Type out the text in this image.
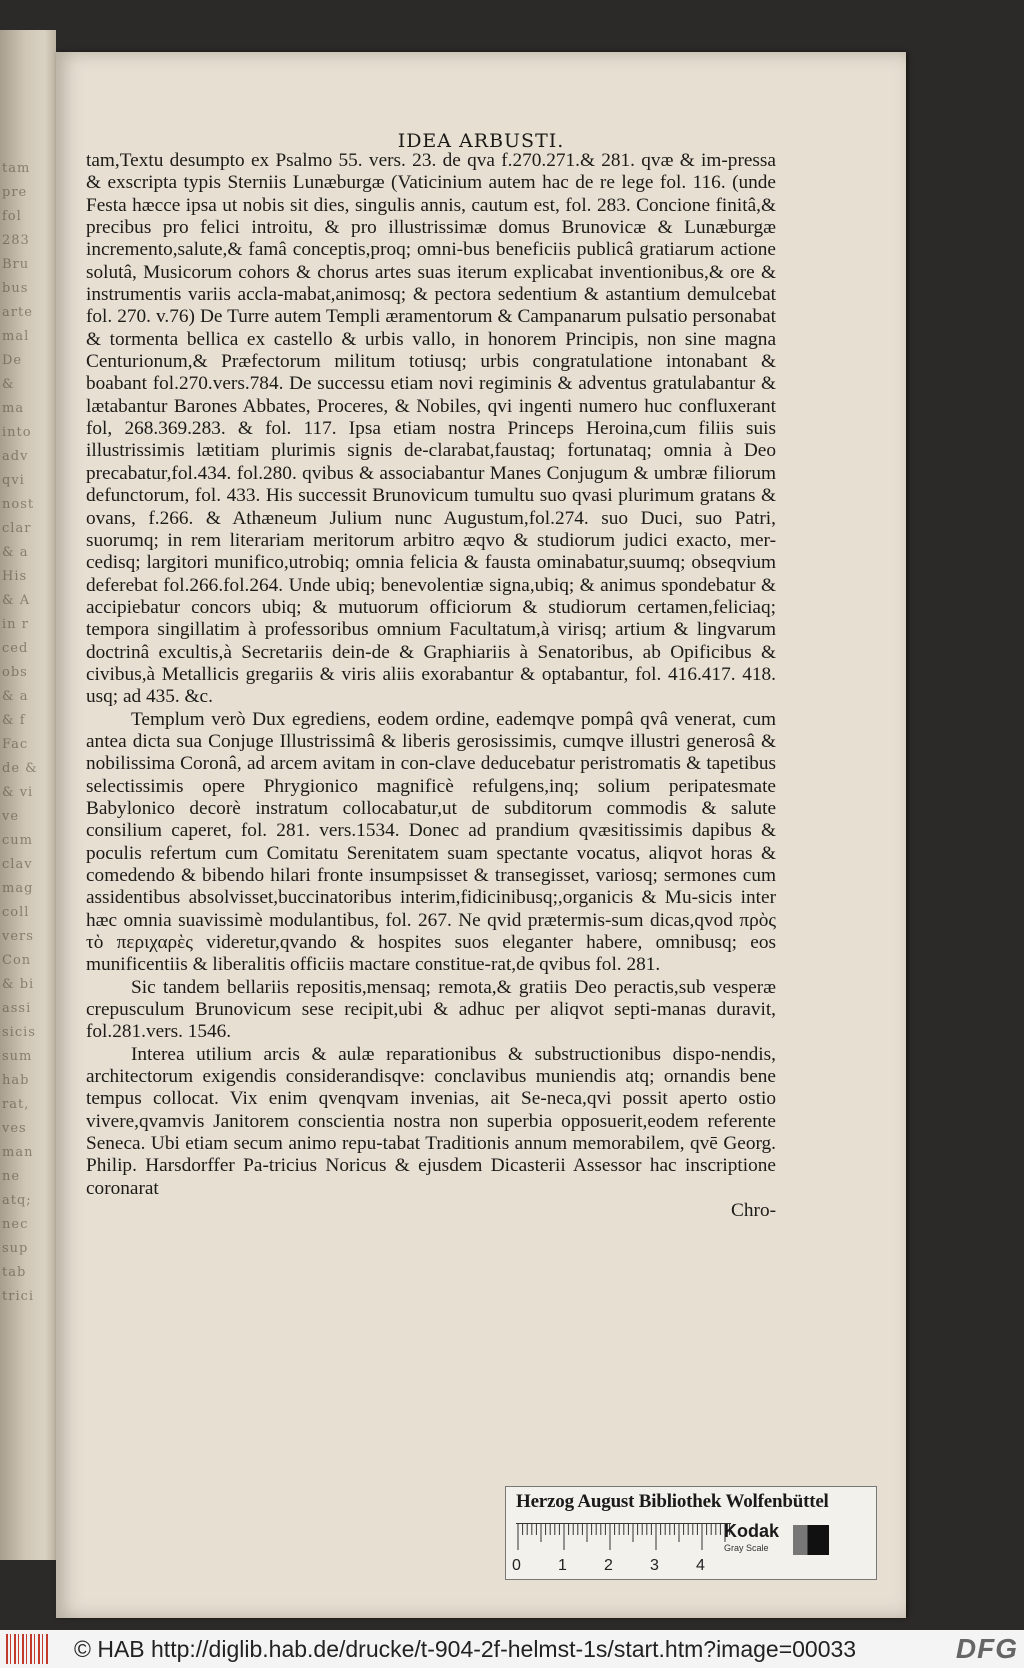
tam
pre
fol
283
Bru
bus
arte
mal
De
&
ma
into
adv
qvi
nost
clar
& a
His
& A
in r
ced
obs
& a
& f
Fac
de &
& vi
ve
cum
clav
mag
coll
vers
Con
& bi
assi
sicis
sum
hab
rat,
ves
man
ne
atq;
nec
sup
tab
trici
IDEA ARBUSTI.

tam,Textu desumpto ex Psalmo 55. vers. 23. de qva f.270.271.& 281. qvæ & im-pressa & exscripta typis Sterniis Lunæburgæ (Vaticinium autem hac de re lege fol. 116. (unde Festa hæcce ipsa ut nobis sit dies, singulis annis, cautum est, fol. 283. Concione finitâ,& precibus pro felici introitu, & pro illustrissimæ domus Brunovicæ & Lunæburgæ incremento,salute,& famâ conceptis,proq; omni-bus beneficiis publicâ gratiarum actione solutâ, Musicorum cohors & chorus artes suas iterum explicabat inventionibus,& ore & instrumentis variis accla-mabat,animosq; & pectora sedentium & astantium demulcebat fol. 270. v.76) De Turre autem Templi æramentorum & Campanarum pulsatio personabat & tormenta bellica ex castello & urbis vallo, in honorem Principis, non sine magna Centurionum,& Præfectorum militum totiusq; urbis congratulatione intonabant & boabant fol.270.vers.784. De successu etiam novi regiminis & adventus gratulabantur & lætabantur Barones Abbates, Proceres, & Nobiles, qvi ingenti numero huc confluxerant fol, 268.369.283. & fol. 117. Ipsa etiam nostra Princeps Heroina,cum filiis suis illustrissimis lætitiam plurimis signis de-clarabat,faustaq; fortunataq; omnia à Deo precabatur,fol.434. fol.280. qvibus & associabantur Manes Conjugum & umbræ filiorum defunctorum, fol. 433. His successit Brunovicum tumultu suo qvasi plurimum gratans & ovans, f.266. & Athæneum Julium nunc Augustum,fol.274. suo Duci, suo Patri, suorumq; in rem literariam meritorum arbitro æqvo & studiorum judici exacto, mer-cedisq; largitori munifico,utrobiq; omnia felicia & fausta ominabatur,suumq; obseqvium deferebat fol.266.fol.264. Unde ubiq; benevolentiæ signa,ubiq; & animus spondebatur & accipiebatur concors ubiq; & mutuorum officiorum & studiorum certamen,feliciaq; tempora singillatim à professoribus omnium Facultatum,à virisq; artium & lingvarum doctrinâ excultis,à Secretariis dein-de & Graphiariis à Senatoribus, ab Opificibus & civibus,à Metallicis gregariis & viris aliis exorabantur & optabantur, fol. 416.417. 418. usq; ad 435. &c.

Templum verò Dux egrediens, eodem ordine, eademqve pompâ qvâ venerat, cum antea dicta sua Conjuge Illustrissimâ & liberis gerosissimis, cumqve illustri generosâ & nobilissima Coronâ, ad arcem avitam in con-clave deducebatur peristromatis & tapetibus selectissimis opere Phrygionico magnificè refulgens,inq; solium peripatesmate Babylonico decorè instratum collocabatur,ut de subditorum commodis & salute consilium caperet, fol. 281. vers.1534. Donec ad prandium qvæsitissimis dapibus & poculis refertum cum Comitatu Serenitatem suam spectante vocatus, aliqvot horas & comedendo & bibendo hilari fronte insumpsisset & transegisset, variosq; sermones cum assidentibus absolvisset,buccinatoribus interim,fidicinibusq;,organicis & Mu-sicis inter hæc omnia suavissimè modulantibus, fol. 267. Ne qvid prætermis-sum dicas,qvod πρὸς τὸ περιχαρὲς videretur,qvando & hospites suos eleganter habere, omnibusq; eos munificentiis & liberalitis officiis mactare constitue-rat,de qvibus fol. 281.

Sic tandem bellariis repositis,mensaq; remota,& gratiis Deo peractis,sub vesperæ crepusculum Brunovicum sese recipit,ubi & adhuc per aliqvot septi-manas duravit, fol.281.vers. 1546.

Interea utilium arcis & aulæ reparationibus & substructionibus dispo-nendis, architectorum exigendis considerandisqve: conclavibus muniendis atq; ornandis bene tempus collocat. Vix enim qvenqvam invenias, ait Se-neca,qvi possit aperto ostio vivere,qvamvis Janitorem conscientia nostra non superbia opposuerit,eodem referente Seneca. Ubi etiam secum animo repu-tabat Traditionis annum memorabilem, qvē Georg. Philip. Harsdorffer Pa-tricius Noricus & ejusdem Dicasterii Assessor hac inscriptione coronarat

Chro-

Herzog August Bibliothek Wolfenbüttel
Kodak
Gray Scale
0 1 2 3 4
© HAB http://diglib.hab.de/drucke/t-904-2f-helmst-1s/start.htm?image=00033	DFG
